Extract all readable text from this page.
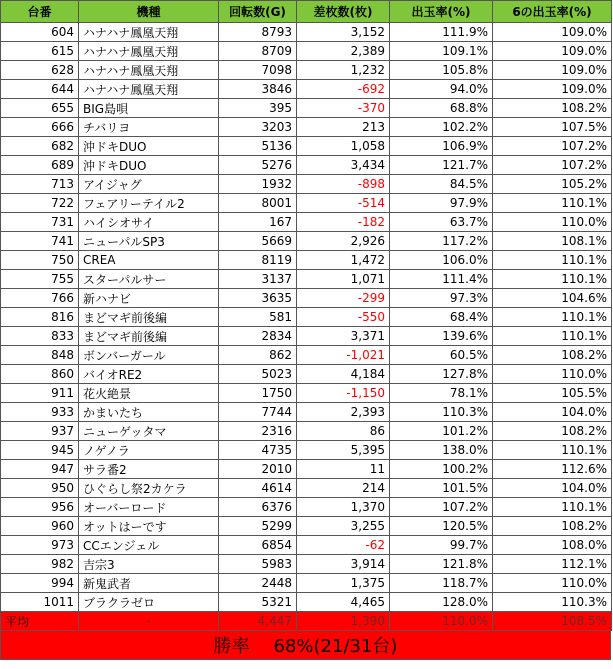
台番	機種	回転数(G)	差枚数(枚)	出玉率(%)	6の出玉率(%)
604	ハナハナ鳳凰天翔	8793	3,152	111.9%	109.0%
615	ハナハナ鳳凰天翔	8709	2,389	109.1%	109.0%
628	ハナハナ鳳凰天翔	7098	1,232	105.8%	109.0%
644	ハナハナ鳳凰天翔	3846	-692	94.0%	109.0%
655	BIG島唄	395	-370	68.8%	108.2%
666	チバリヨ	3203	213	102.2%	107.5%
682	沖ドキDUO	5136	1,058	106.9%	107.2%
689	沖ドキDUO	5276	3,434	121.7%	107.2%
713	アイジャグ	1932	-898	84.5%	105.2%
722	フェアリーテイル2	8001	-514	97.9%	110.1%
731	ハイシオサイ	167	-182	63.7%	110.0%
741	ニューパルSP3	5669	2,926	117.2%	108.1%
750	CREA	8119	1,472	106.0%	110.1%
755	スターパルサー	3137	1,071	111.4%	110.1%
766	新ハナビ	3635	-299	97.3%	104.6%
816	まどマギ前後編	581	-550	68.4%	110.1%
833	まどマギ前後編	2834	3,371	139.6%	110.1%
848	ボンバーガール	862	-1,021	60.5%	108.2%
860	バイオRE2	5023	4,184	127.8%	110.0%
911	花火絶景	1750	-1,150	78.1%	105.5%
933	かまいたち	7744	2,393	110.3%	104.0%
937	ニューゲッタマ	2316	86	101.2%	108.2%
945	ノゲノラ	4735	5,395	138.0%	110.1%
947	サラ番2	2010	11	100.2%	112.6%
950	ひぐらし祭2カケラ	4614	214	101.5%	104.0%
956	オーバーロード	6376	1,370	107.2%	110.1%
960	オットはーです	5299	3,255	120.5%	108.2%
973	CCエンジェル	6854	-62	99.7%	108.0%
982	吉宗3	5983	3,914	121.8%	112.1%
994	新鬼武者	2448	1,375	118.7%	110.0%
1011	ブラクラゼロ	5321	4,465	128.0%	110.3%
平均	-	4,447	1,390	110.0%	108.5%
勝率 68%(21/31台)
